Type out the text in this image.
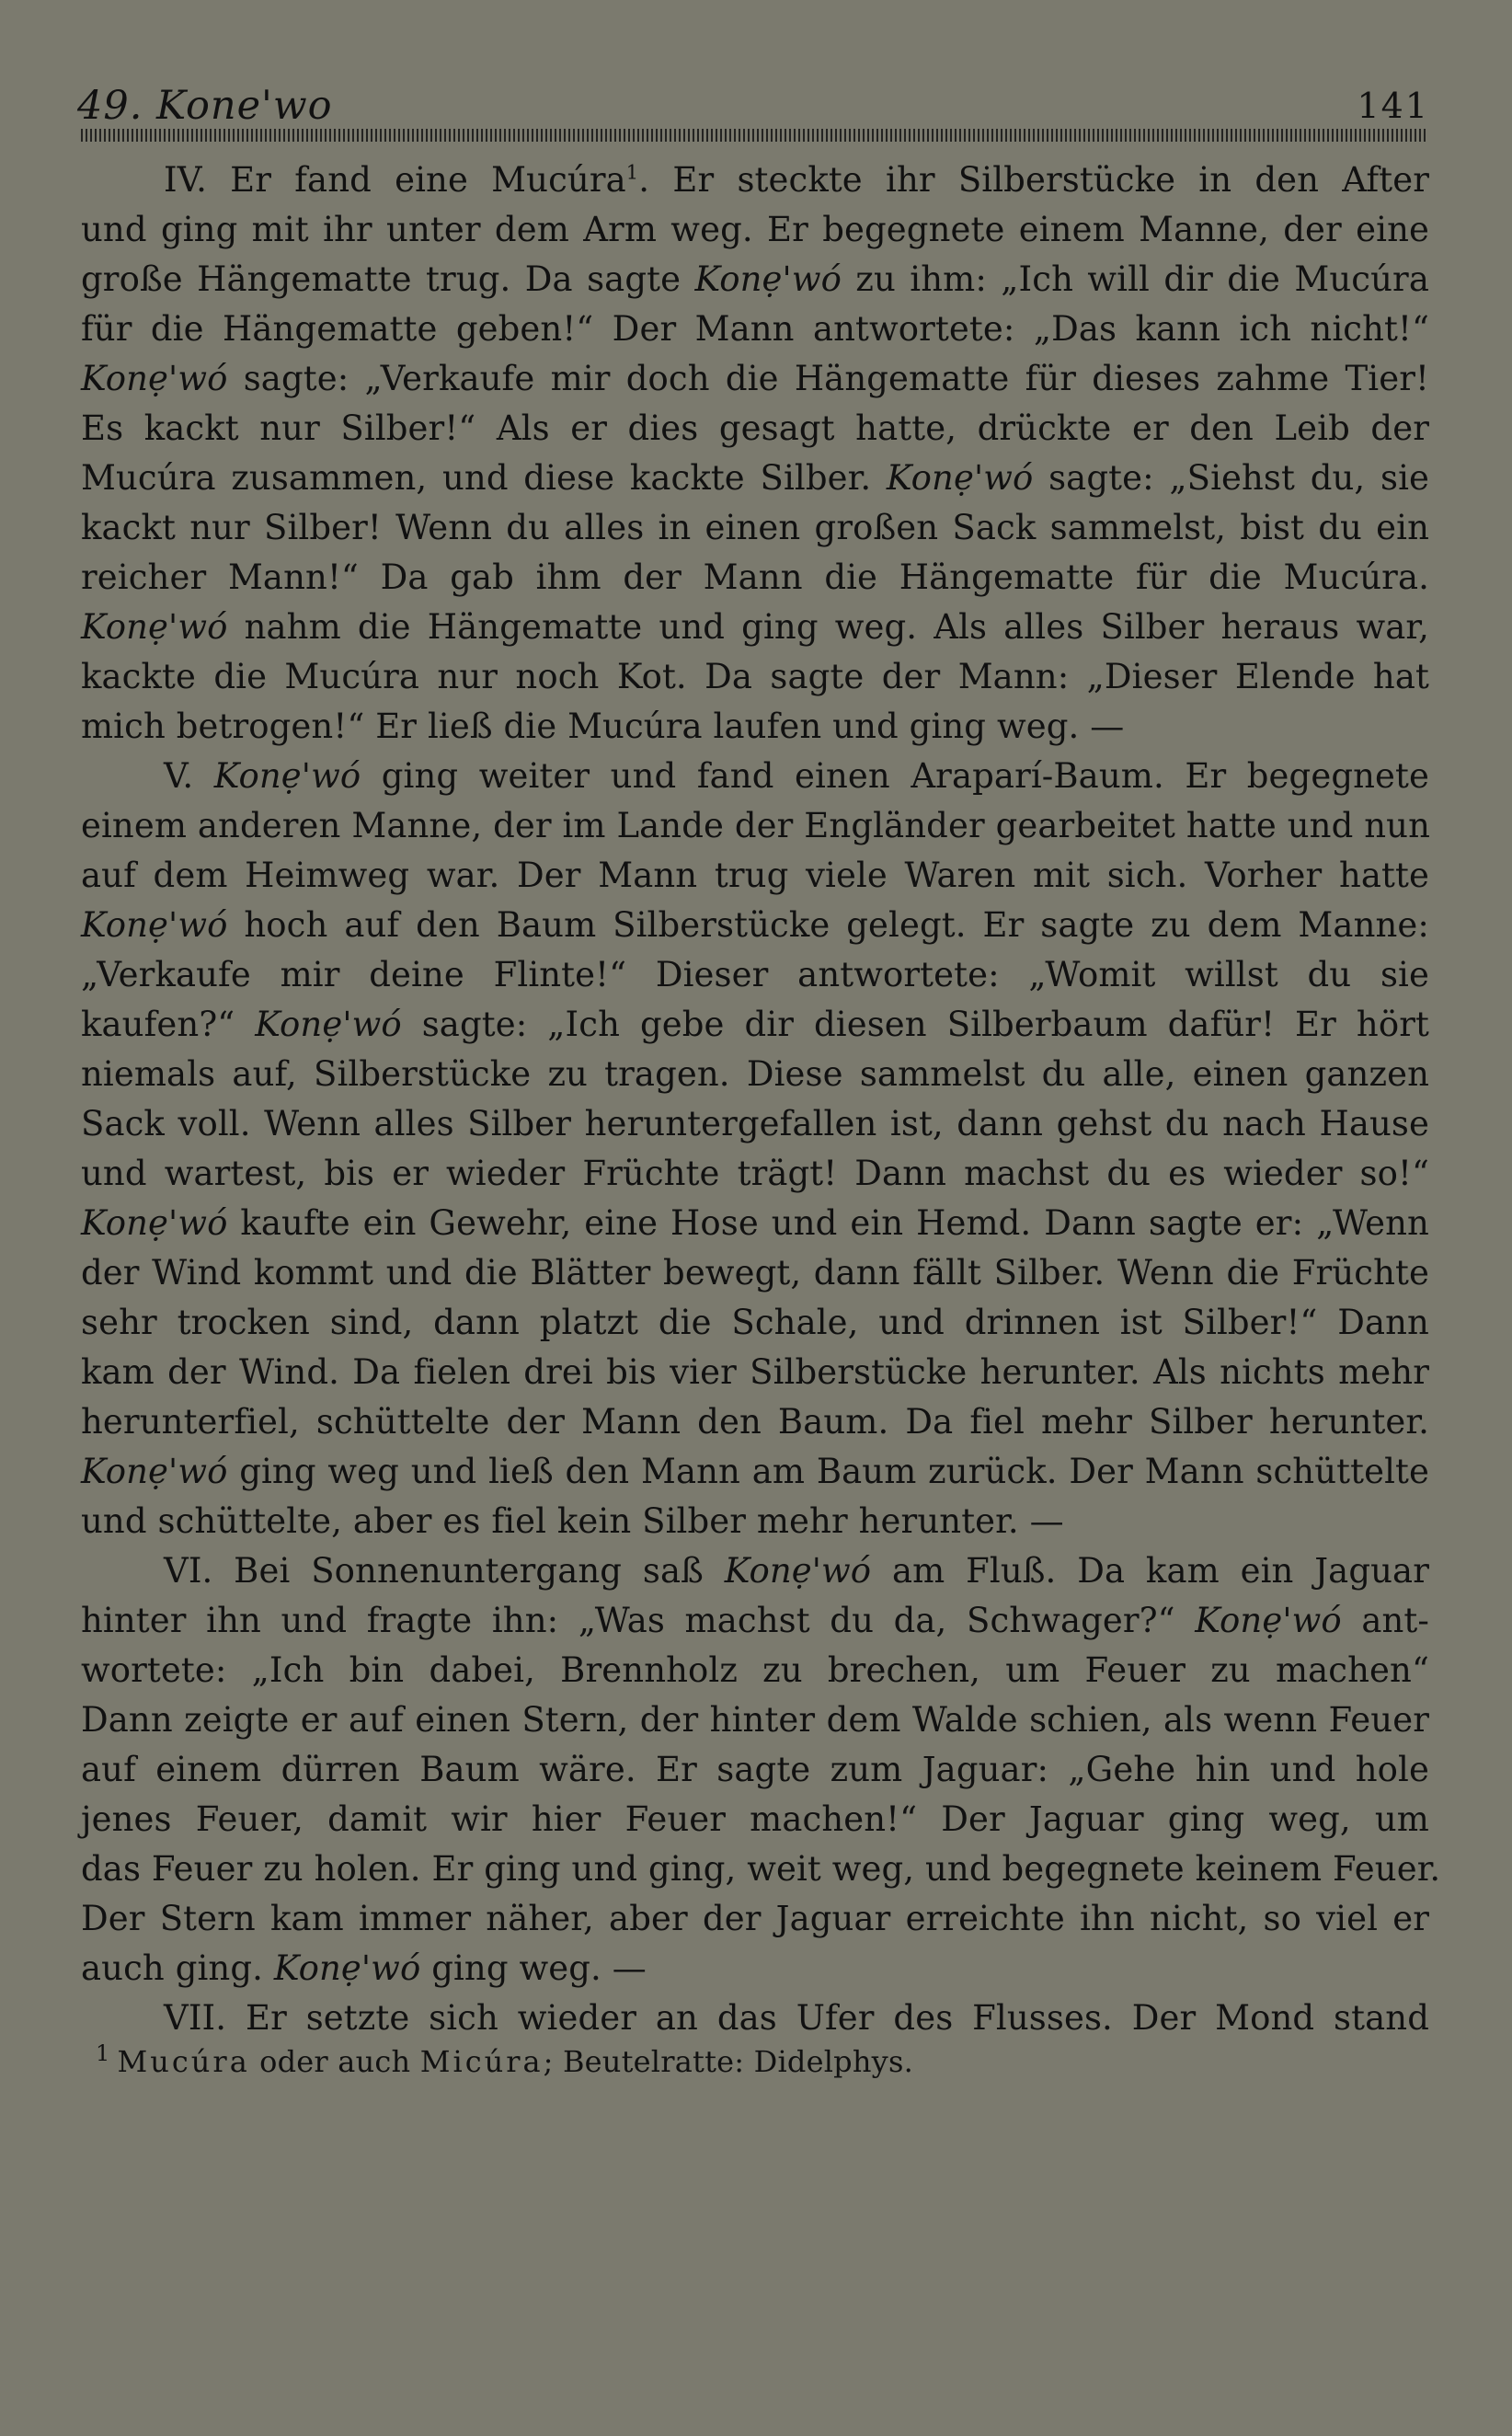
49. Kone'wo	141
IV. Er fand eine Mucúra$^1$. Er steckte ihr Silberstücke in den After
und ging mit ihr unter dem Arm weg. Er begegnete einem Manne, der eine
große Hängematte trug. Da sagte Konẹ'wó zu ihm: „Ich will dir die Mucúra
für die Hängematte geben!“ Der Mann antwortete: „Das kann ich nicht!“
Konẹ'wó sagte: „Verkaufe mir doch die Hängematte für dieses zahme Tier!
Es kackt nur Silber!“ Als er dies gesagt hatte, drückte er den Leib der
Mucúra zusammen, und diese kackte Silber. Konẹ'wó sagte: „Siehst du, sie
kackt nur Silber! Wenn du alles in einen großen Sack sammelst, bist du ein
reicher Mann!“ Da gab ihm der Mann die Hängematte für die Mucúra.
Konẹ'wó nahm die Hängematte und ging weg. Als alles Silber heraus war,
kackte die Mucúra nur noch Kot. Da sagte der Mann: „Dieser Elende hat
mich betrogen!“ Er ließ die Mucúra laufen und ging weg. —
V. Konẹ'wó ging weiter und fand einen Araparí-Baum. Er begegnete
einem anderen Manne, der im Lande der Engländer gearbeitet hatte und nun
auf dem Heimweg war. Der Mann trug viele Waren mit sich. Vorher hatte
Konẹ'wó hoch auf den Baum Silberstücke gelegt. Er sagte zu dem Manne:
„Verkaufe mir deine Flinte!“ Dieser antwortete: „Womit willst du sie
kaufen?“ Konẹ'wó sagte: „Ich gebe dir diesen Silberbaum dafür! Er hört
niemals auf, Silberstücke zu tragen. Diese sammelst du alle, einen ganzen
Sack voll. Wenn alles Silber heruntergefallen ist, dann gehst du nach Hause
und wartest, bis er wieder Früchte trägt! Dann machst du es wieder so!“
Konẹ'wó kaufte ein Gewehr, eine Hose und ein Hemd. Dann sagte er: „Wenn
der Wind kommt und die Blätter bewegt, dann fällt Silber. Wenn die Früchte
sehr trocken sind, dann platzt die Schale, und drinnen ist Silber!“ Dann
kam der Wind. Da fielen drei bis vier Silberstücke herunter. Als nichts mehr
herunterfiel, schüttelte der Mann den Baum. Da fiel mehr Silber herunter.
Konẹ'wó ging weg und ließ den Mann am Baum zurück. Der Mann schüttelte
und schüttelte, aber es fiel kein Silber mehr herunter. —
VI. Bei Sonnenuntergang saß Konẹ'wó am Fluß. Da kam ein Jaguar
hinter ihn und fragte ihn: „Was machst du da, Schwager?“ Konẹ'wó ant-
wortete: „Ich bin dabei, Brennholz zu brechen, um Feuer zu machen“
Dann zeigte er auf einen Stern, der hinter dem Walde schien, als wenn Feuer
auf einem dürren Baum wäre. Er sagte zum Jaguar: „Gehe hin und hole
jenes Feuer, damit wir hier Feuer machen!“ Der Jaguar ging weg, um
das Feuer zu holen. Er ging und ging, weit weg, und begegnete keinem Feuer.
Der Stern kam immer näher, aber der Jaguar erreichte ihn nicht, so viel er
auch ging. Konẹ'wó ging weg. —
VII. Er setzte sich wieder an das Ufer des Flusses. Der Mond stand
$^1$ Mucúra oder auch Micúra; Beutelratte: Didelphys.
